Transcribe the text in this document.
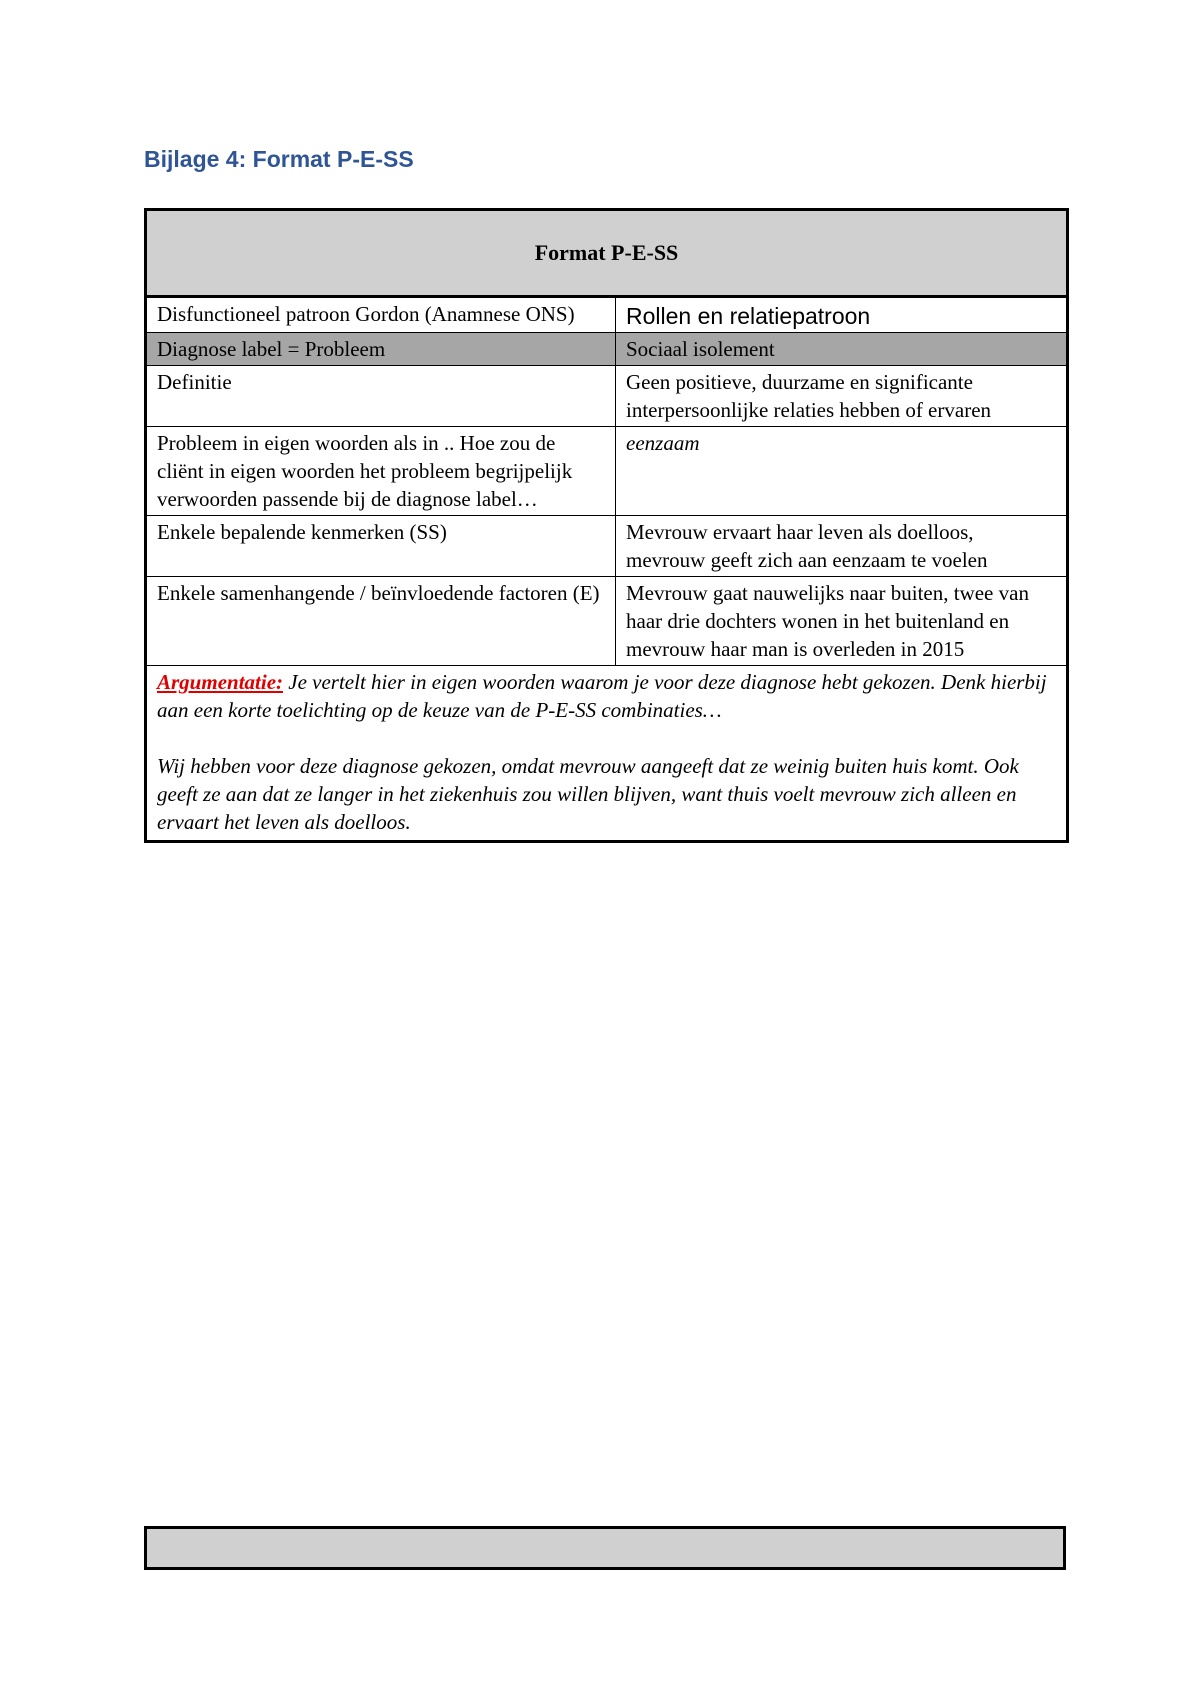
Bijlage 4: Format P-E-SS
Format P-E-SS	
Disfunctioneel patroon Gordon (Anamnese ONS)	Rollen en relatiepatroon
Diagnose label = Probleem	Sociaal isolement
Definitie	Geen positieve, duurzame en significante interpersoonlijke relaties hebben of ervaren
Probleem in eigen woorden als in .. Hoe zou de cliënt in eigen woorden het probleem begrijpelijk verwoorden passende bij de diagnose label…	eenzaam
Enkele bepalende kenmerken (SS)	Mevrouw ervaart haar leven als doelloos, mevrouw geeft zich aan eenzaam te voelen
Enkele samenhangende / beïnvloedende factoren (E)	Mevrouw gaat nauwelijks naar buiten, twee van haar drie dochters wonen in het buitenland en mevrouw haar man is overleden in 2015

Argumentatie: Je vertelt hier in eigen woorden waarom je voor deze diagnose hebt gekozen. Denk hierbij aan een korte toelichting op de keuze van de P-E-SS combinaties…
Wij hebben voor deze diagnose gekozen, omdat mevrouw aangeeft dat ze weinig buiten huis komt. Ook geeft ze aan dat ze langer in het ziekenhuis zou willen blijven, want thuis voelt mevrouw zich alleen en ervaart het leven als doelloos.	
